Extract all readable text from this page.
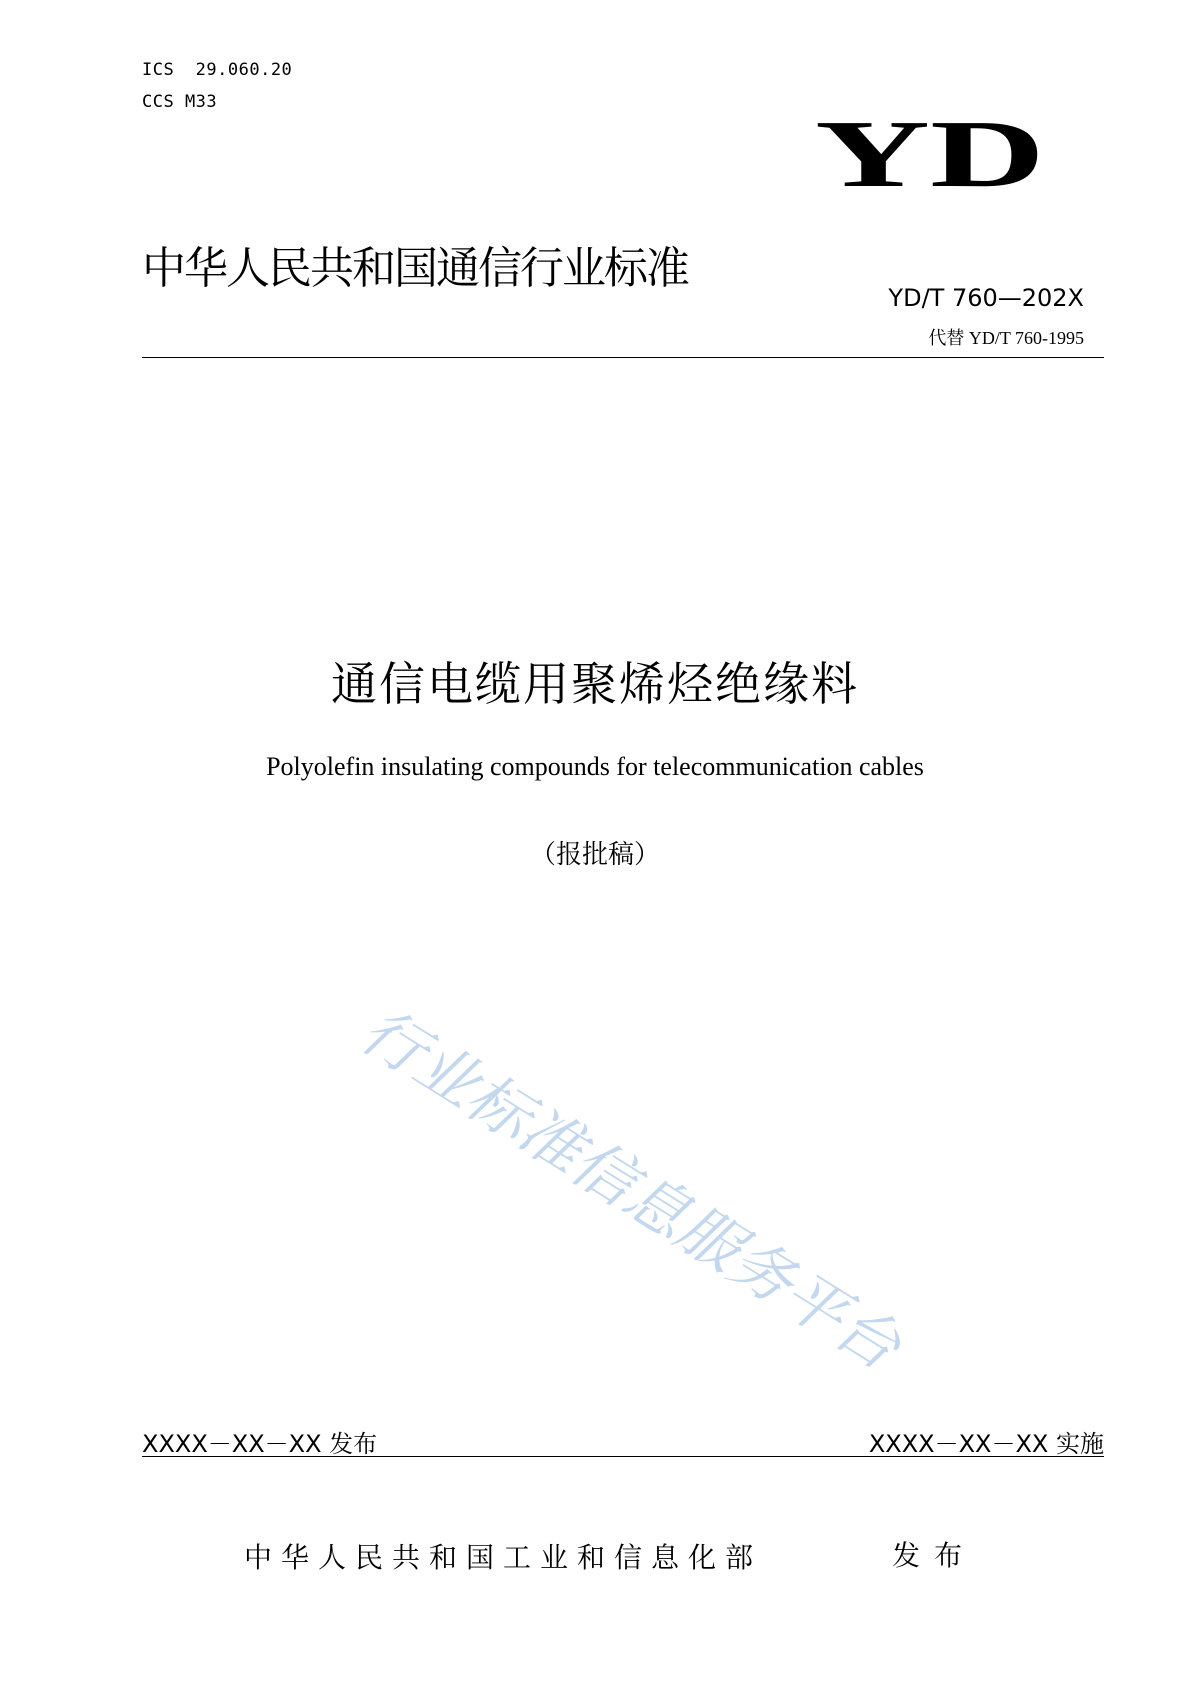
ICS  29.060.20
CCS M33	YD
中华人民共和国通信行业标准
YD/T 760—202X
代替 YD/T 760-1995
通信电缆用聚烯烃绝缘料
Polyolefin insulating compounds for telecommunication cables
（报批稿）
行业标准信息服务平台
XXXX－XX－XX 发布	XXXX－XX－XX 实施
中华人民共和国工业和信息化部	发布
